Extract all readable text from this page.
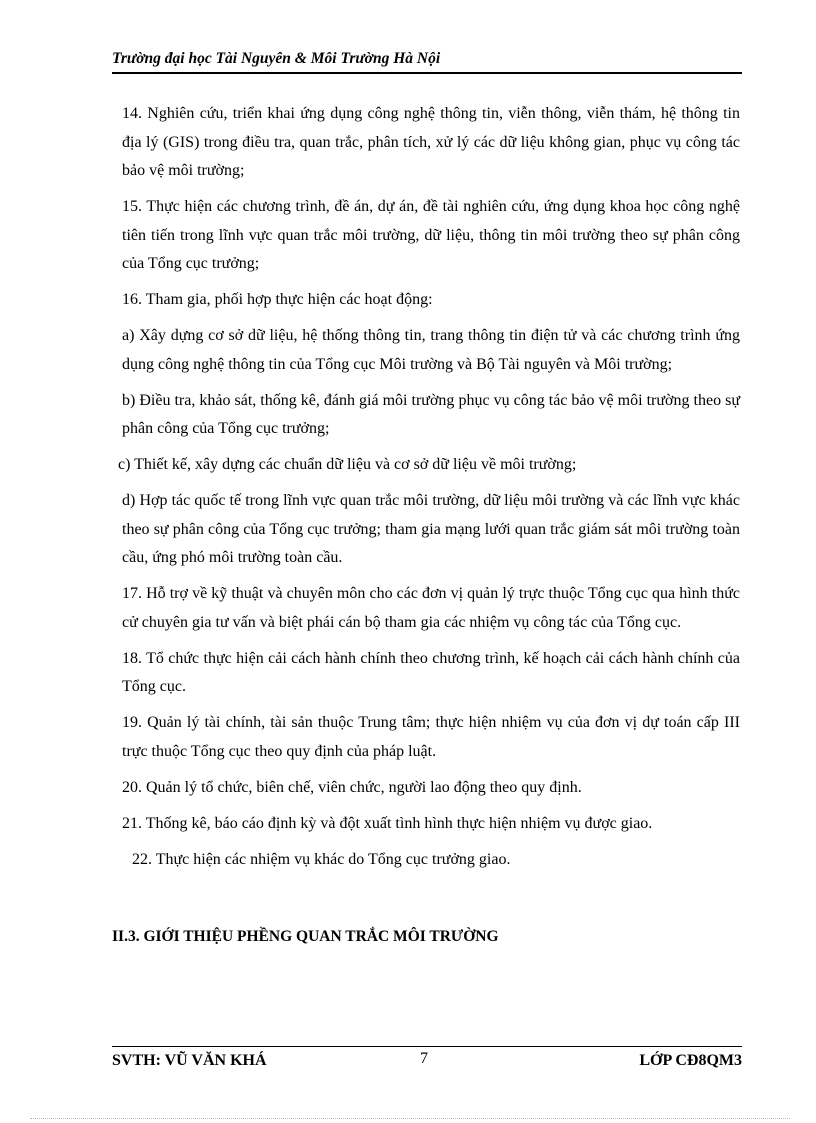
Trường đại học Tài Nguyên & Môi Trường Hà Nội

14. Nghiên cứu, triển khai ứng dụng công nghệ thông tin, viễn thông, viễn thám, hệ thông tin địa lý (GIS) trong điều tra, quan trắc, phân tích, xử lý các dữ liệu không gian, phục vụ công tác bảo vệ môi trường;

15. Thực hiện các chương trình, đề án, dự án, đề tài nghiên cứu, ứng dụng khoa học công nghệ tiên tiến trong lĩnh vực quan trắc môi trường, dữ liệu, thông tin môi trường theo sự phân công của Tổng cục trưởng;

16. Tham gia, phối hợp thực hiện các hoạt động:

a) Xây dựng cơ sở dữ liệu, hệ thống thông tin, trang thông tin điện tử và các chương trình ứng dụng công nghệ thông tin của Tổng cục Môi trường và Bộ Tài nguyên và Môi trường;

b) Điều tra, khảo sát, thống kê, đánh giá môi trường phục vụ công tác bảo vệ môi trường theo sự phân công của Tổng cục trưởng;

c) Thiết kế, xây dựng các chuẩn dữ liệu và cơ sở dữ liệu về môi trường;

d) Hợp tác quốc tế trong lĩnh vực quan trắc môi trường, dữ liệu môi trường và các lĩnh vực khác theo sự phân công của Tổng cục trưởng; tham gia mạng lưới quan trắc giám sát môi trường toàn cầu, ứng phó môi trường toàn cầu.

17. Hỗ trợ về kỹ thuật và chuyên môn cho các đơn vị quản lý trực thuộc Tổng cục qua hình thức cử chuyên gia tư vấn và biệt phái cán bộ tham gia các nhiệm vụ công tác của Tổng cục.

18. Tổ chức thực hiện cải cách hành chính theo chương trình, kế hoạch cải cách hành chính của Tổng cục.

19. Quản lý tài chính, tài sản thuộc Trung tâm; thực hiện nhiệm vụ của đơn vị dự toán cấp III trực thuộc Tổng cục theo quy định của pháp luật.

20. Quản lý tổ chức, biên chế, viên chức, người lao động theo quy định.

21. Thống kê, báo cáo định kỳ và đột xuất tình hình thực hiện nhiệm vụ được giao.

22. Thực hiện các nhiệm vụ khác do Tổng cục trưởng giao.

II.3. GIỚI THIỆU PHỀNG QUAN TRẮC MÔI TRƯỜNG
SVTH: VŨ VĂN KHÁ	7	LỚP CĐ8QM3
